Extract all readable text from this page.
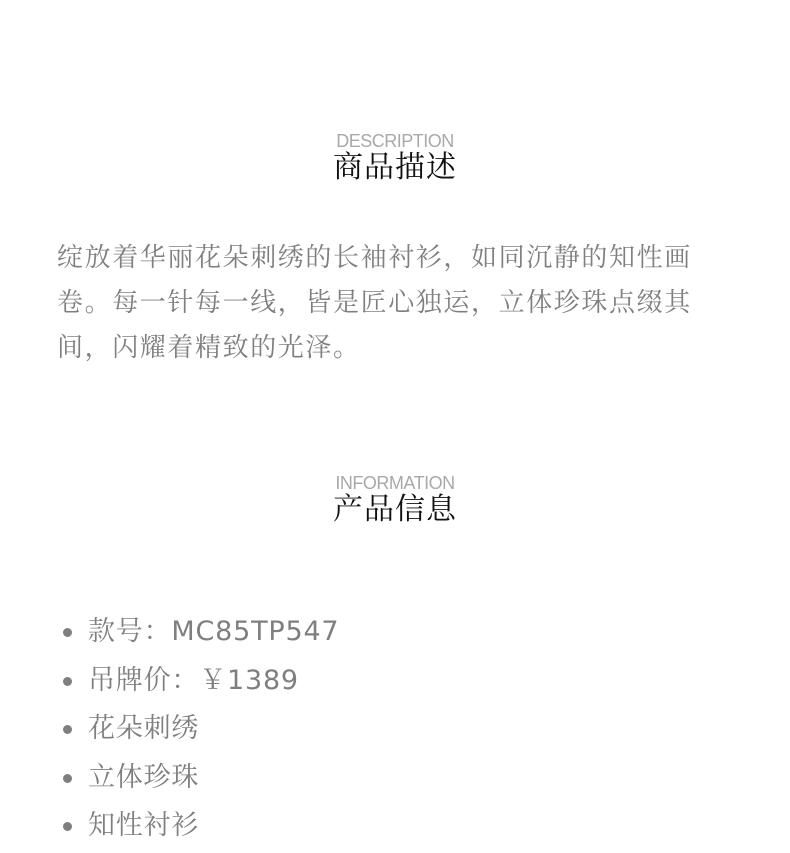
DESCRIPTION
商品描述
绽放着华丽花朵刺绣的长袖衬衫，如同沉静的知性画卷。每一针每一线，皆是匠心独运，立体珍珠点缀其间，闪耀着精致的光泽。
INFORMATION
产品信息
款号：MC85TP547
吊牌价：￥1389
花朵刺绣
立体珍珠
知性衬衫
